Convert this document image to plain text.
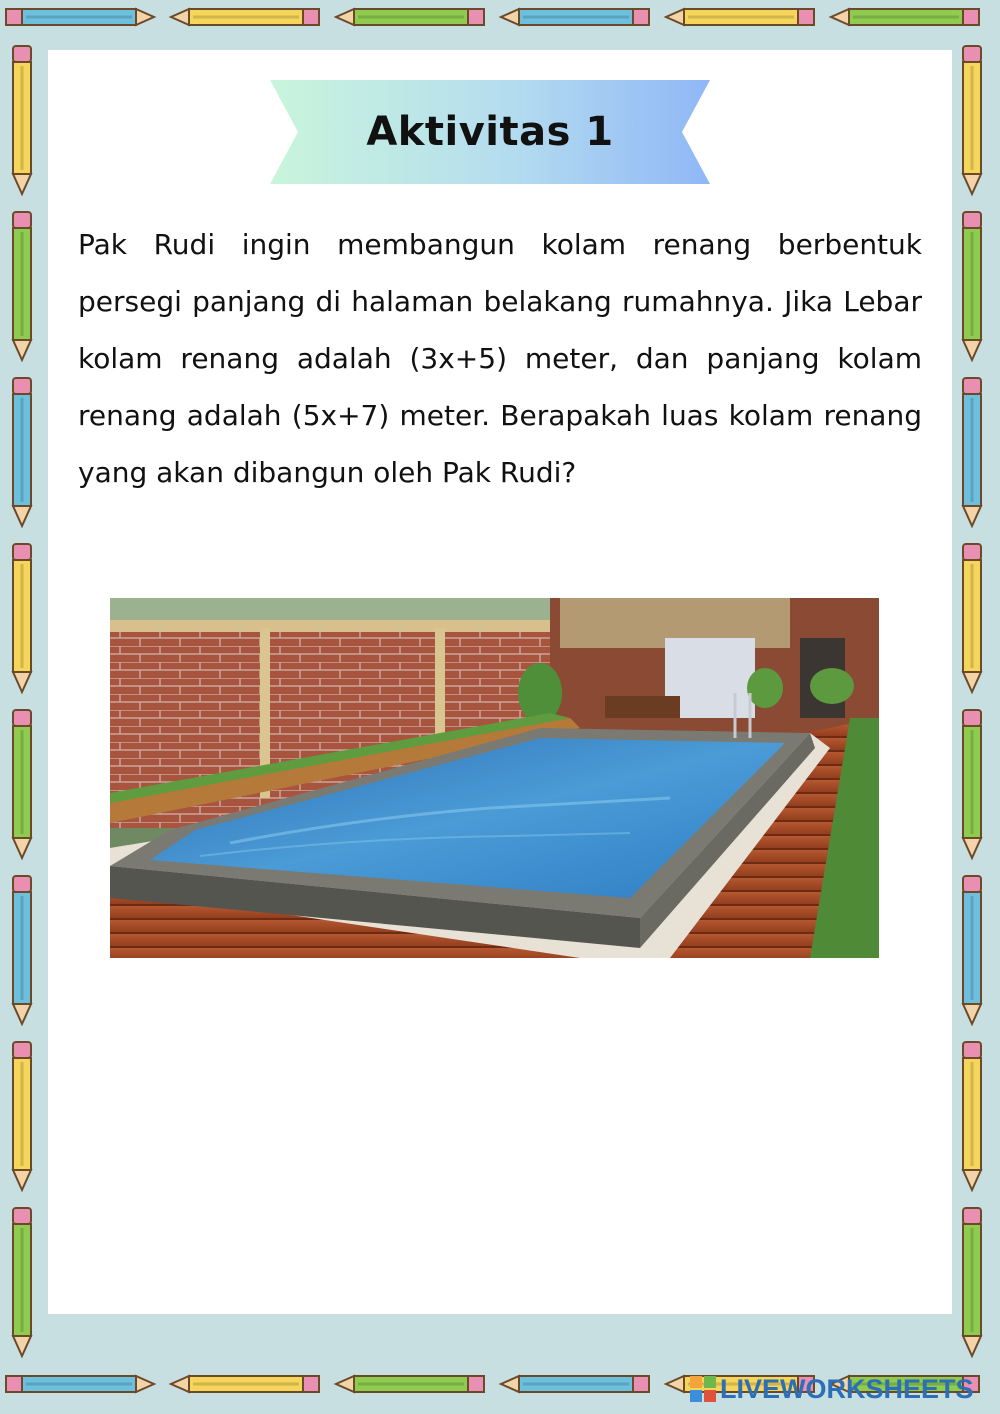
Aktivitas 1

Pak Rudi ingin membangun kolam renang berbentuk persegi panjang di halaman belakang rumahnya. Jika Lebar kolam renang adalah (3x+5) meter, dan panjang kolam renang adalah (5x+7) meter. Berapakah luas kolam renang yang akan dibangun oleh Pak Rudi?

LIVEWORKSHEETS
